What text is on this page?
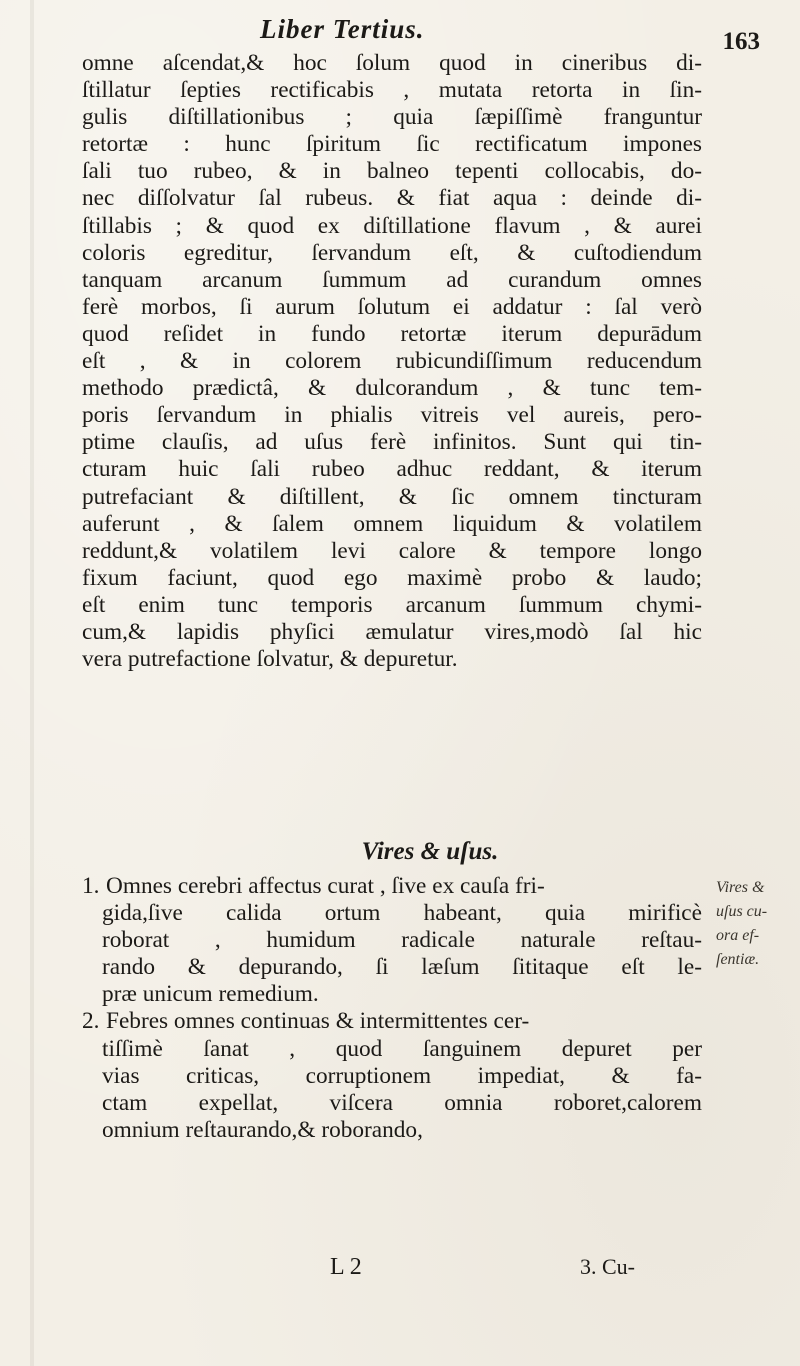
Liber Tertius.	163
omne aſcendat,& hoc ſolum quod in cineribus di-
ſtillatur ſepties rectificabis , mutata retorta in ſin-
gulis diſtillationibus ; quia ſæpiſſimè franguntur
retortæ : hunc ſpiritum ſic rectificatum impones
ſali tuo rubeo, & in balneo tepenti collocabis, do-
nec diſſolvatur ſal rubeus. & fiat aqua : deinde di-
ſtillabis ; & quod ex diſtillatione flavum , & aurei
coloris egreditur, ſervandum eſt, & cuſtodiendum
tanquam arcanum ſummum ad curandum omnes
ferè morbos, ſi aurum ſolutum ei addatur : ſal verò
quod reſidet in fundo retortæ iterum depurādum
eſt , & in colorem rubicundiſſimum reducendum
methodo prædictâ, & dulcorandum , & tunc tem-
poris ſervandum in phialis vitreis vel aureis, pero-
ptime clauſis, ad uſus ferè infinitos. Sunt qui tin-
cturam huic ſali rubeo adhuc reddant, & iterum
putrefaciant & diſtillent, & ſic omnem tincturam
auferunt , & ſalem omnem liquidum & volatilem
reddunt,& volatilem levi calore & tempore longo
fixum faciunt, quod ego maximè probo & laudo;
eſt enim tunc temporis arcanum ſummum chymi-
cum,& lapidis phyſici æmulatur vires,modò ſal hic
vera putrefactione ſolvatur, & depuretur.
Vires & uſus.
1. Omnes cerebri affectus curat , ſive ex cauſa fri-
gida,ſive calida ortum habeant, quia mirificè
roborat , humidum radicale naturale reſtau-
rando & depurando, ſi læſum ſititaque eſt le-
præ unicum remedium.
2. Febres omnes continuas & intermittentes cer-
tiſſimè ſanat , quod ſanguinem depuret per
vias criticas, corruptionem impediat, & fa-
ctam expellat, viſcera omnia roboret,calorem
omnium reſtaurando,& roborando,
Vires &
uſus cu-
ora ef-
ſentiæ.
L 2	3. Cu-
